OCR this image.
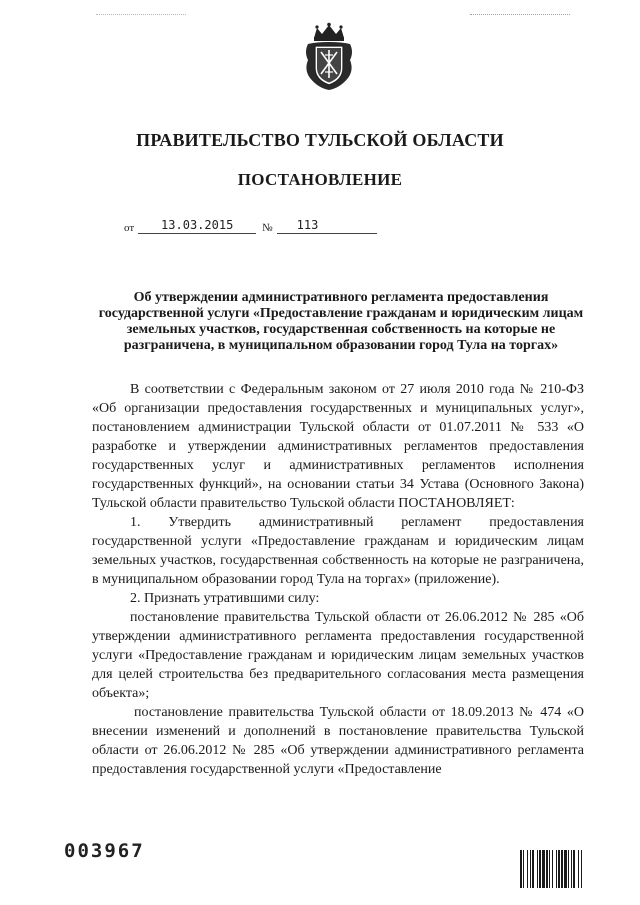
ПРАВИТЕЛЬСТВО ТУЛЬСКОЙ ОБЛАСТИ
ПОСТАНОВЛЕНИЕ
от 13.03.2015	№ 113
Об утверждении административного регламента предоставления государственной услуги «Предоставление гражданам и юридическим лицам земельных участков, государственная собственность на которые не разграничена, в муниципальном образовании город Тула на торгах»

В соответствии с Федеральным законом от 27 июля 2010 года № 210-ФЗ «Об организации предоставления государственных и муниципальных услуг», постановлением администрации Тульской области от 01.07.2011 № 533 «О разработке и утверждении административных регламентов предоставления государственных услуг и административных регламентов исполнения государственных функций», на основании статьи 34 Устава (Основного Закона) Тульской области правительство Тульской области ПОСТАНОВЛЯЕТ:

1. Утвердить административный регламент предоставления государственной услуги «Предоставление гражданам и юридическим лицам земельных участков, государственная собственность на которые не разграничена, в муниципальном образовании город Тула на торгах» (приложение).

2. Признать утратившими силу:

постановление правительства Тульской области от 26.06.2012 № 285 «Об утверждении административного регламента предоставления государственной услуги «Предоставление гражданам и юридическим лицам земельных участков для целей строительства без предварительного согласования места размещения объекта»;

постановление правительства Тульской области от 18.09.2013 № 474 «О внесении изменений и дополнений в постановление правительства Тульской области от 26.06.2012 № 285 «Об утверждении административного регламента предоставления государственной услуги «Предоставление

003967
